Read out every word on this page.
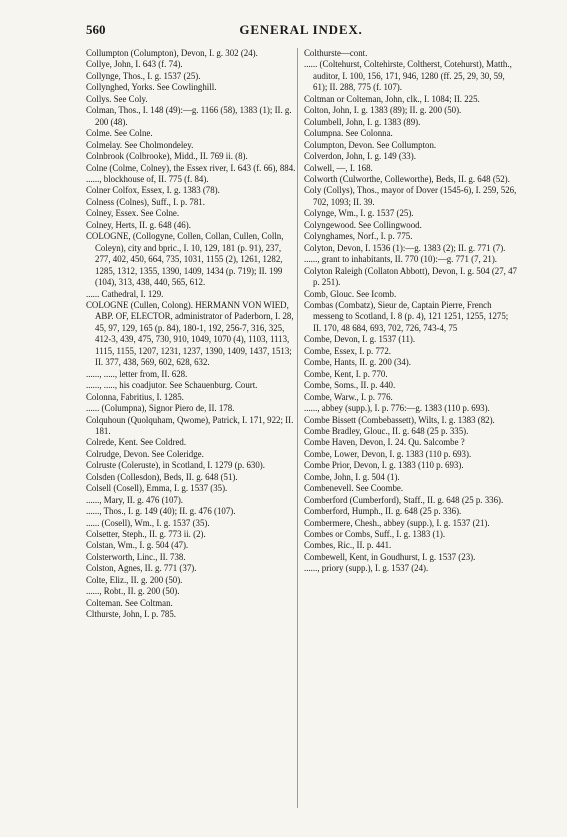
560	GENERAL INDEX.

Collumpton (Columpton), Devon, I. g. 302 (24).

Collye, John, I. 643 (f. 74).

Collynge, Thos., I. g. 1537 (25).

Collynghed, Yorks. See Cowlinghill.

Collys. See Coly.

Colman, Thos., I. 148 (49):—g. 1166 (58), 1383 (1); II. g. 200 (48).

Colme. See Colne.

Colmelay. See Cholmondeley.

Colnbrook (Colbrooke), Midd., II. 769 ii. (8).

Colne (Colme, Colney), the Essex river, I. 643 (f. 66), 884.

......, blockhouse of, II. 775 (f. 84).

Colner Colfox, Essex, I. g. 1383 (78).

Colness (Colnes), Suff., I. p. 781.

Colney, Essex. See Colne.

Colney, Herts, II. g. 648 (46).

COLOGNE, (Collogyne, Collen, Collan, Cullen, Colln, Coleyn), city and bpric., I. 10, 129, 181 (p. 91), 237, 277, 402, 450, 664, 735, 1031, 1155 (2), 1261, 1282, 1285, 1312, 1355, 1390, 1409, 1434 (p. 719); II. 199 (104), 313, 438, 440, 565, 612.

...... Cathedral, I. 129.

COLOGNE (Cullen, Colong). HERMANN VON WIED, ABP. OF, ELECTOR, administrator of Paderborn, I. 28, 45, 97, 129, 165 (p. 84), 180-1, 192, 256-7, 316, 325, 412-3, 439, 475, 730, 910, 1049, 1070 (4), 1103, 1113, 1115, 1155, 1207, 1231, 1237, 1390, 1409, 1437, 1513; II. 377, 438, 569, 602, 628, 632.

......, ....., letter from, II. 628.

......, ....., his coadjutor. See Schauenburg. Court.

Colonna, Fabritius, I. 1285.

...... (Columpna), Signor Piero de, II. 178.

Colquhoun (Quolquham, Qwome), Patrick, I. 171, 922; II. 181.

Colrede, Kent. See Coldred.

Colrudge, Devon. See Coleridge.

Colruste (Coleruste), in Scotland, I. 1279 (p. 630).

Colsden (Collesdon), Beds, II. g. 648 (51).

Colsell (Cosell), Emma, I. g. 1537 (35).

......, Mary, II. g. 476 (107).

......, Thos., I. g. 149 (40); II. g. 476 (107).

...... (Cosell), Wm., I. g. 1537 (35).

Colsetter, Steph., II. g. 773 ii. (2).

Colstan, Wm., I. g. 504 (47).

Colsterworth, Linc., II. 738.

Colston, Agnes, II. g. 771 (37).

Colte, Eliz., II. g. 200 (50).

......, Robt., II. g. 200 (50).

Colteman. See Coltman.

Clthurste, John, I. p. 785.

Colthurste—cont.

...... (Coltehurst, Coltehirste, Coltherst, Cotehurst), Matth., auditor, I. 100, 156, 171, 946, 1280 (ff. 25, 29, 30, 59, 61); II. 288, 775 (f. 107).

Coltman or Colteman, John, clk., I. 1084; II. 225.

Colton, John, I. g. 1383 (89); II. g. 200 (50).

Columbell, John, I. g. 1383 (89).

Columpna. See Colonna.

Columpton, Devon. See Collumpton.

Colverdon, John, I. g. 149 (33).

Colwell, —, I. 168.

Colworth (Culworthe, Colleworthe), Beds, II. g. 648 (52).

Coly (Collys), Thos., mayor of Dover (1545-6), I. 259, 526, 702, 1093; II. 39.

Colynge, Wm., I. g. 1537 (25).

Colyngewood. See Collingwood.

Colynghames, Norf., I. p. 775.

Colyton, Devon, I. 1536 (1):—g. 1383 (2); II. g. 771 (7).

......, grant to inhabitants, II. 770 (10):—g. 771 (7, 21).

Colyton Raleigh (Collaton Abbott), Devon, I. g. 504 (27, 47 p. 251).

Comb, Glouc. See Icomb.

Combas (Combatz), Sieur de, Captain Pierre, French messeng to Scotland, I. 8 (p. 4), 121 1251, 1255, 1275; II. 170, 48 684, 693, 702, 726, 743-4, 75

Combe, Devon, I. g. 1537 (11).

Combe, Essex, I. p. 772.

Combe, Hants, II. g. 200 (34).

Combe, Kent, I. p. 770.

Combe, Soms., II. p. 440.

Combe, Warw., I. p. 776.

......, abbey (supp.), I. p. 776:—g. 1383 (110 p. 693).

Combe Bissett (Combebassett), Wilts, I. g. 1383 (82).

Combe Bradley, Glouc., II. g. 648 (25 p. 335).

Combe Haven, Devon, I. 24. Qu. Salcombe ?

Combe, Lower, Devon, I. g. 1383 (110 p. 693).

Combe Prior, Devon, I. g. 1383 (110 p. 693).

Combe, John, I. g. 504 (1).

Combenevell. See Coombe.

Comberford (Cumberford), Staff., II. g. 648 (25 p. 336).

Comberford, Humph., II. g. 648 (25 p. 336).

Combermere, Chesh., abbey (supp.), I. g. 1537 (21).

Combes or Combs, Suff., I. g. 1383 (1).

Combes, Ric., II. p. 441.

Combewell, Kent, in Goudhurst, I. g. 1537 (23).

......, priory (supp.), I. g. 1537 (24).
